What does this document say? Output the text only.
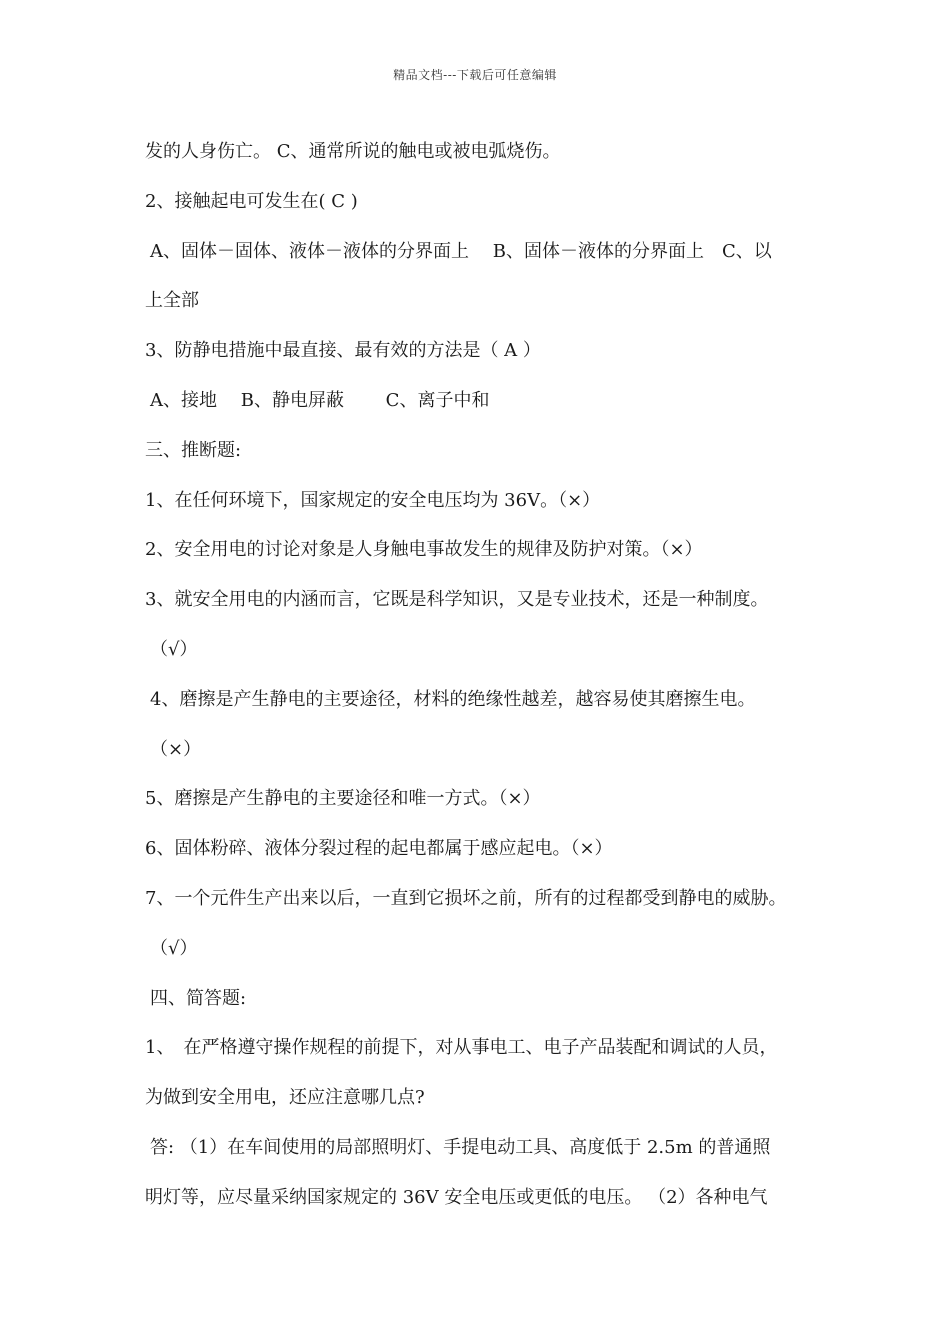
精品文档---下载后可任意编辑
发的人身伤亡。 C、通常所说的触电或被电弧烧伤。
2、接触起电可发生在( C )
A、固体－固体、液体－液体的分界面上　 B、固体－液体的分界面上　C、以
上全部
3、防静电措施中最直接、最有效的方法是（ A ）
A、接地　 B、静电屏蔽　　 C、离子中和
三、推断题:
1、在任何环境下，国家规定的安全电压均为 36V。（×）
2、安全用电的讨论对象是人身触电事故发生的规律及防护对策。（×）
3、就安全用电的内涵而言，它既是科学知识，又是专业技术，还是一种制度。
（√）
4、磨擦是产生静电的主要途径，材料的绝缘性越差，越容易使其磨擦生电。
（×）
5、磨擦是产生静电的主要途径和唯一方式。（×）
6、固体粉碎、液体分裂过程的起电都属于感应起电。（×）
7、一个元件生产出来以后，一直到它损坏之前，所有的过程都受到静电的威胁。
（√）
四、简答题:
1、　在严格遵守操作规程的前提下，对从事电工、电子产品装配和调试的人员，
为做到安全用电，还应注意哪几点?
答: （1）在车间使用的局部照明灯、手提电动工具、高度低于 2.5m 的普通照
明灯等，应尽量采纳国家规定的 36V 安全电压或更低的电压。 （2）各种电气
